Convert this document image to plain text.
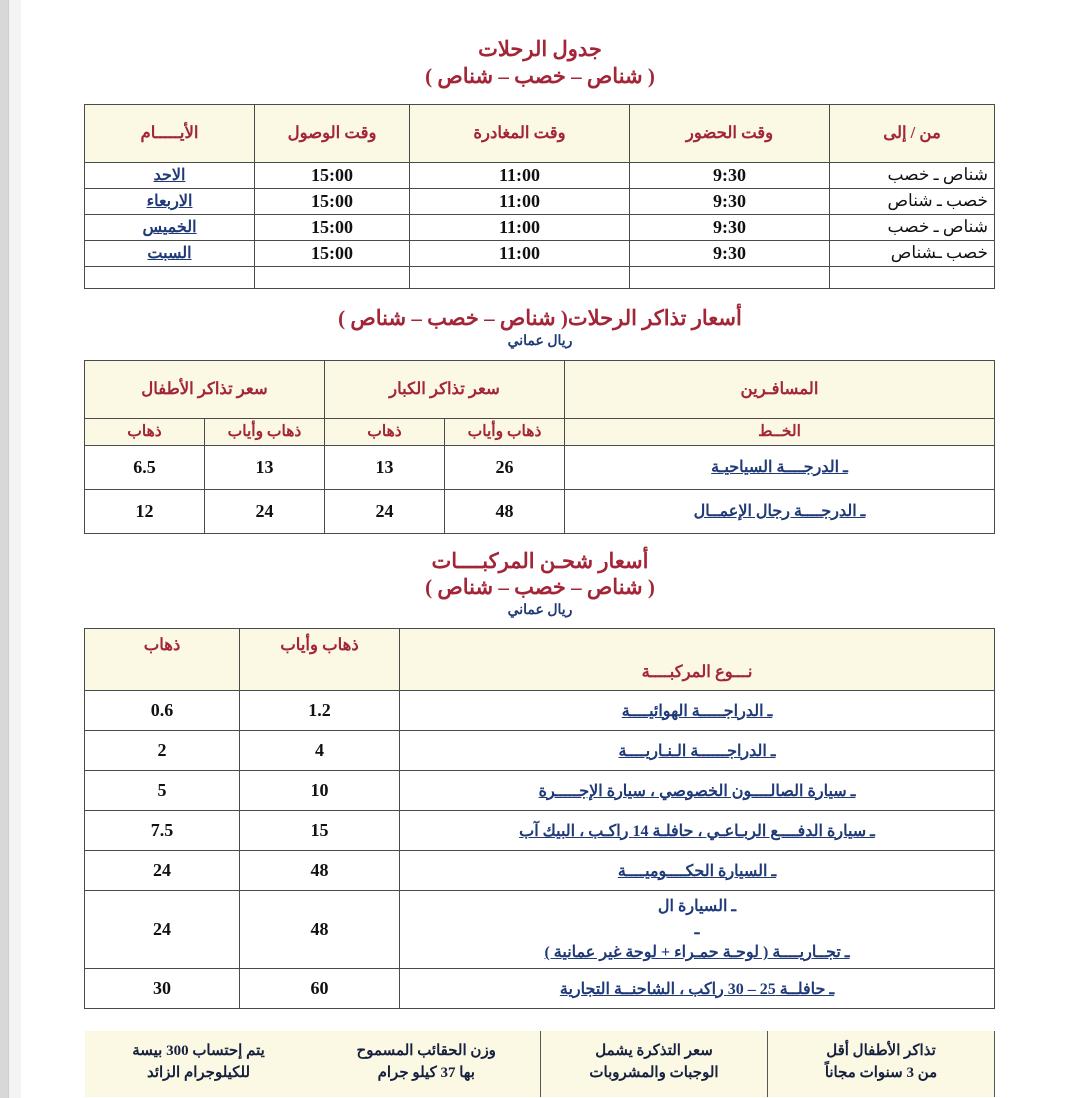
جدول الرحلات
( شناص – خصب – شناص )
من / إلى	وقت الحضور	وقت المغادرة	وقت الوصول	الأيـــــام
شناص ـ خصب	9:30	11:00	15:00	الاحد
خصب ـ شناص	9:30	11:00	15:00	الاربعاء
شناص ـ خصب	9:30	11:00	15:00	الخميس
خصب ـشناص	9:30	11:00	15:00	السبت

أسعار تذاكر الرحلات( شناص – خصب – شناص )
ريال عماني
المسافـرين	سعر تذاكر الكبار		سعر تذاكر الأطفال	
الخــط	ذهاب وأياب	ذهاب	ذهاب وأياب	ذهاب
ـ الدرجــــة السياحيـة	26	13	13	6.5
ـ الدرجــــة رجال الإعمــال	48	24	24	12
أسعار شحـن المركبــــات
( شناص – خصب – شناص )
ريال عماني
نـــوع المركبــــة	ذهاب وأياب	ذهاب
ـ الدراجـــــة الهوائيــــة	1.2	0.6
ـ الدراجــــــة الـنـاريــــة	4	2
ـ سيارة الصالــــون الخصوصي ، سيارة الإجـــــرة	10	5
ـ سيارة الدفــــع الربـاعـي ، حافلـة 14 راكـب ، البيك آب	15	7.5
ـ السيارة الحكــــوميــــة	48	24

ـ السيارة ال
ـ
ـ تجــاريــــة ( لوحـة حمـراء + لوحة غير عمانية )	48	24
ـ حافلــة 25 – 30 راكب ، الشاحنــة التجارية	60	30
تذاكر الأطفال أقل
من 3 سنوات مجاناً

سعر التذكرة يشمل
الوجبات والمشروبات

وزن الحقائب المسموح
بها 37 كيلو جرام

يتم إحتساب 300 بيسة
للكيلوجرام الزائد
